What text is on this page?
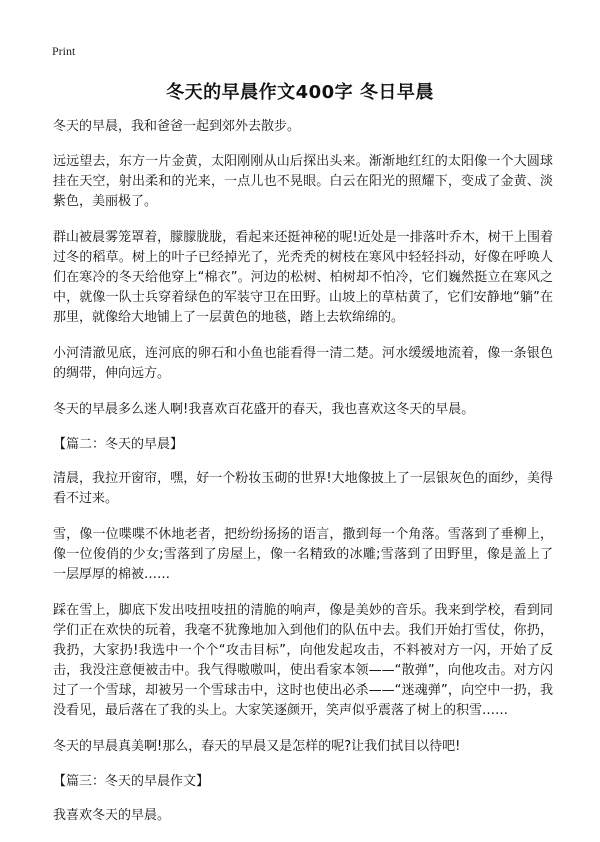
Print
冬天的早晨作文400字 冬日早晨

冬天的早晨，我和爸爸一起到郊外去散步。

远远望去，东方一片金黄，太阳刚刚从山后探出头来。渐渐地红红的太阳像一个大圆球挂在天空，射出柔和的光来，一点儿也不晃眼。白云在阳光的照耀下，变成了金黄、淡紫色，美丽极了。

群山被晨雾笼罩着，朦朦胧胧，看起来还挺神秘的呢!近处是一排落叶乔木，树干上围着过冬的稻草。树上的叶子已经掉光了，光秃秃的树枝在寒风中轻轻抖动，好像在呼唤人们在寒冷的冬天给他穿上“棉衣”。河边的松树、柏树却不怕冷，它们巍然挺立在寒风之中，就像一队士兵穿着绿色的军装守卫在田野。山坡上的草枯黄了，它们安静地“躺”在那里，就像给大地铺上了一层黄色的地毯，踏上去软绵绵的。

小河清澈见底，连河底的卵石和小鱼也能看得一清二楚。河水缓缓地流着，像一条银色的绸带，伸向远方。

冬天的早晨多么迷人啊!我喜欢百花盛开的春天，我也喜欢这冬天的早晨。

【篇二：冬天的早晨】

清晨，我拉开窗帘，嘿，好一个粉妆玉砌的世界!大地像披上了一层银灰色的面纱，美得看不过来。

雪，像一位喋喋不休地老者，把纷纷扬扬的语言，撒到每一个角落。雪落到了垂柳上，像一位俊俏的少女;雪落到了房屋上，像一名精致的冰雕;雪落到了田野里，像是盖上了一层厚厚的棉被……

踩在雪上，脚底下发出吱扭吱扭的清脆的响声，像是美妙的音乐。我来到学校，看到同学们正在欢快的玩着，我毫不犹豫地加入到他们的队伍中去。我们开始打雪仗，你扔，我扔，大家扔!我选中一个个“攻击目标”，向他发起攻击，不料被对方一闪，开始了反击，我没注意便被击中。我气得嗷嗷叫，使出看家本领——“散弹”，向他攻击。对方闪过了一个雪球，却被另一个雪球击中，这时也使出必杀——“迷魂弹”，向空中一扔，我没看见，最后落在了我的头上。大家笑逐颜开，笑声似乎震落了树上的积雪……

冬天的早晨真美啊!那么，春天的早晨又是怎样的呢?让我们拭目以待吧!

【篇三：冬天的早晨作文】

我喜欢冬天的早晨。
